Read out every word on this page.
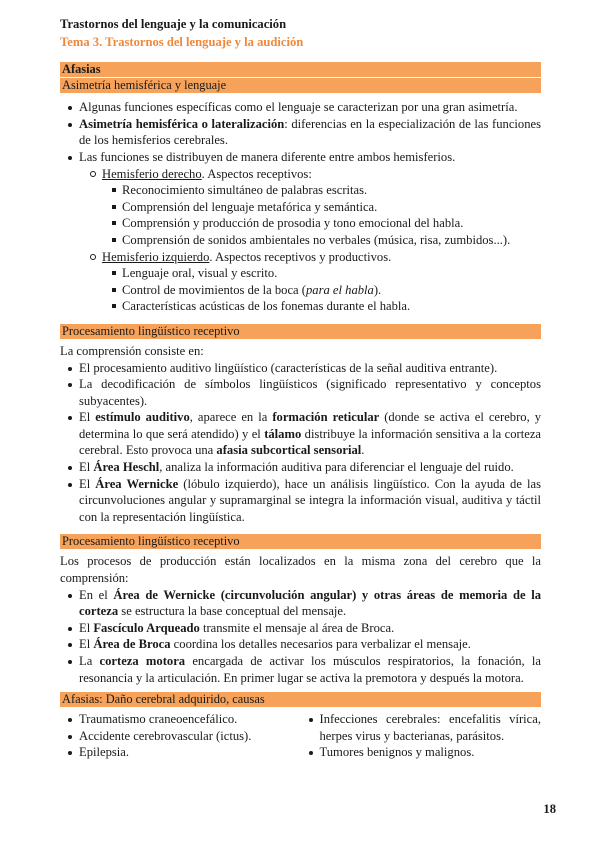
Trastornos del lenguaje y la comunicación

Tema 3. Trastornos del lenguaje y la audición

Afasias
Asimetría hemisférica y lenguaje
Algunas funciones específicas como el lenguaje se caracterizan por una gran asimetría.
Asimetría hemisférica o lateralización: diferencias en la especialización de las funciones de los hemisferios cerebrales.
Las funciones se distribuyen de manera diferente entre ambos hemisferios.
Hemisferio derecho. Aspectos receptivos:
Reconocimiento simultáneo de palabras escritas.
Comprensión del lenguaje metafórica y semántica.
Comprensión y producción de prosodia y tono emocional del habla.
Comprensión de sonidos ambientales no verbales (música, risa, zumbidos...).
Hemisferio izquierdo. Aspectos receptivos y productivos.
Lenguaje oral, visual y escrito.
Control de movimientos de la boca (para el habla).
Características acústicas de los fonemas durante el habla.
Procesamiento lingüístico receptivo

La comprensión consiste en:

El procesamiento auditivo lingüístico (características de la señal auditiva entrante).
La decodificación de símbolos lingüísticos (significado representativo y conceptos subyacentes).
El estímulo auditivo, aparece en la formación reticular (donde se activa el cerebro, y determina lo que será atendido) y el tálamo distribuye la información sensitiva a la corteza cerebral. Esto provoca una afasia subcortical sensorial.
El Área Heschl, analiza la información auditiva para diferenciar el lenguaje del ruido.
El Área Wernicke (lóbulo izquierdo), hace un análisis lingüístico. Con la ayuda de las circunvoluciones angular y supramarginal se integra la información visual, auditiva y táctil con la representación lingüística.
Procesamiento lingüístico receptivo

Los procesos de producción están localizados en la misma zona del cerebro que la comprensión:

En el Área de Wernicke (circunvolución angular) y otras áreas de memoria de la corteza se estructura la base conceptual del mensaje.
El Fascículo Arqueado transmite el mensaje al área de Broca.
El Área de Broca coordina los detalles necesarios para verbalizar el mensaje.
La corteza motora encargada de activar los músculos respiratorios, la fonación, la resonancia y la articulación. En primer lugar se activa la premotora y después la motora.
Afasias: Daño cerebral adquirido, causas
Traumatismo craneoencefálico.
Accidente cerebrovascular (ictus).
Epilepsia.
Infecciones cerebrales: encefalitis vírica, herpes virus y bacterianas, parásitos.
Tumores benignos y malignos.
18
